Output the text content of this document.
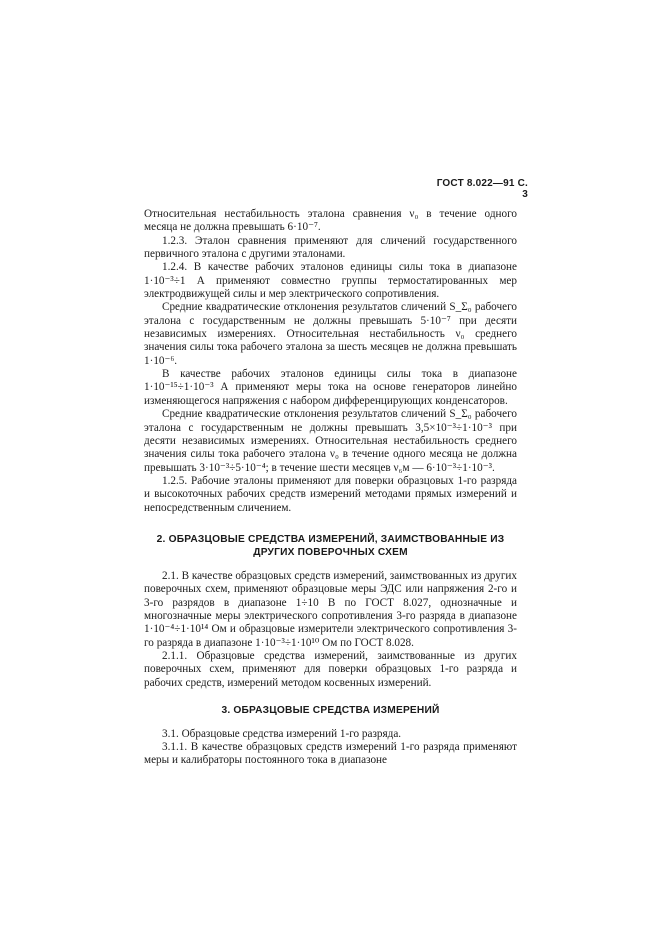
ГОСТ 8.022—91 С. 3

Относительная нестабильность эталона сравнения ν₀ в течение одного месяца не должна превышать 6·10⁻⁷.

1.2.3. Эталон сравнения применяют для сличений государственного первичного эталона с другими эталонами.

1.2.4. В качестве рабочих эталонов единицы силы тока в диапазоне 1·10⁻³÷1 А применяют совместно группы термостатированных мер электродвижущей силы и мер электрического сопротивления.

Средние квадратические отклонения результатов сличений S_Σ₀ рабочего эталона с государственным не должны превышать 5·10⁻⁷ при десяти независимых измерениях. Относительная нестабильность ν₀ среднего значения силы тока рабочего эталона за шесть месяцев не должна превышать 1·10⁻⁶.

В качестве рабочих эталонов единицы силы тока в диапазоне 1·10⁻¹⁵÷1·10⁻³ А применяют меры тока на основе генераторов линейно изменяющегося напряжения с набором дифференцирующих конденсаторов.

Средние квадратические отклонения результатов сличений S_Σ₀ рабочего эталона с государственным не должны превышать 3,5×10⁻³÷1·10⁻³ при десяти независимых измерениях. Относительная нестабильность среднего значения силы тока рабочего эталона ν₀ в течение одного месяца не должна превышать 3·10⁻³÷5·10⁻⁴; в течение шести месяцев ν₆м — 6·10⁻³÷1·10⁻³.

1.2.5. Рабочие эталоны применяют для поверки образцовых 1-го разряда и высокоточных рабочих средств измерений методами прямых измерений и непосредственным сличением.

2. ОБРАЗЦОВЫЕ СРЕДСТВА ИЗМЕРЕНИЙ, ЗАИМСТВОВАННЫЕ ИЗ ДРУГИХ ПОВЕРОЧНЫХ СХЕМ

2.1. В качестве образцовых средств измерений, заимствованных из других поверочных схем, применяют образцовые меры ЭДС или напряжения 2-го и 3-го разрядов в диапазоне 1÷10 В по ГОСТ 8.027, однозначные и многозначные меры электрического сопротивления 3-го разряда в диапазоне 1·10⁻⁴÷1·10¹⁴ Ом и образцовые измерители электрического сопротивления 3-го разряда в диапазоне 1·10⁻³÷1·10¹⁰ Ом по ГОСТ 8.028.

2.1.1. Образцовые средства измерений, заимствованные из других поверочных схем, применяют для поверки образцовых 1-го разряда и рабочих средств, измерений методом косвенных измерений.

3. ОБРАЗЦОВЫЕ СРЕДСТВА ИЗМЕРЕНИЙ

3.1. Образцовые средства измерений 1-го разряда.

3.1.1. В качестве образцовых средств измерений 1-го разряда применяют меры и калибраторы постоянного тока в диапазоне
